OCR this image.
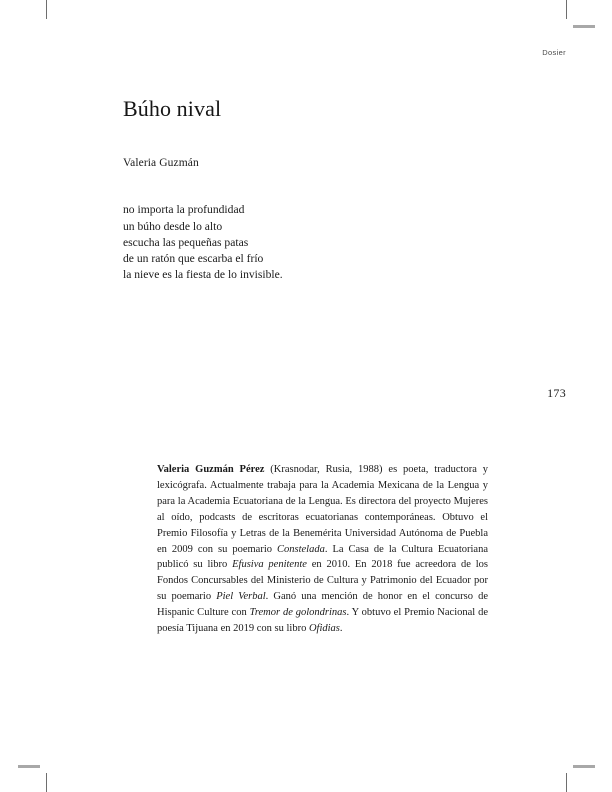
Dosier
Búho nival

Valeria Guzmán

no importa la profundidad
un búho desde lo alto
escucha las pequeñas patas
de un ratón que escarba el frío
la nieve es la fiesta de lo invisible.
173
Valeria Guzmán Pérez (Krasnodar, Rusia, 1988) es poeta, traductora y lexicógrafa. Actualmente trabaja para la Academia Mexicana de la Lengua y para la Academia Ecuatoriana de la Lengua. Es directora del proyecto Mujeres al oído, podcasts de escritoras ecuatorianas contemporáneas. Obtuvo el Premio Filosofía y Letras de la Benemérita Universidad Autónoma de Puebla en 2009 con su poemario Constelada. La Casa de la Cultura Ecuatoriana publicó su libro Efusiva penitente en 2010. En 2018 fue acreedora de los Fondos Concursables del Ministerio de Cultura y Patrimonio del Ecuador por su poemario Piel Verbal. Ganó una mención de honor en el concurso de Hispanic Culture con Tremor de golondrinas. Y obtuvo el Premio Nacional de poesía Tijuana en 2019 con su libro Ofidias.
